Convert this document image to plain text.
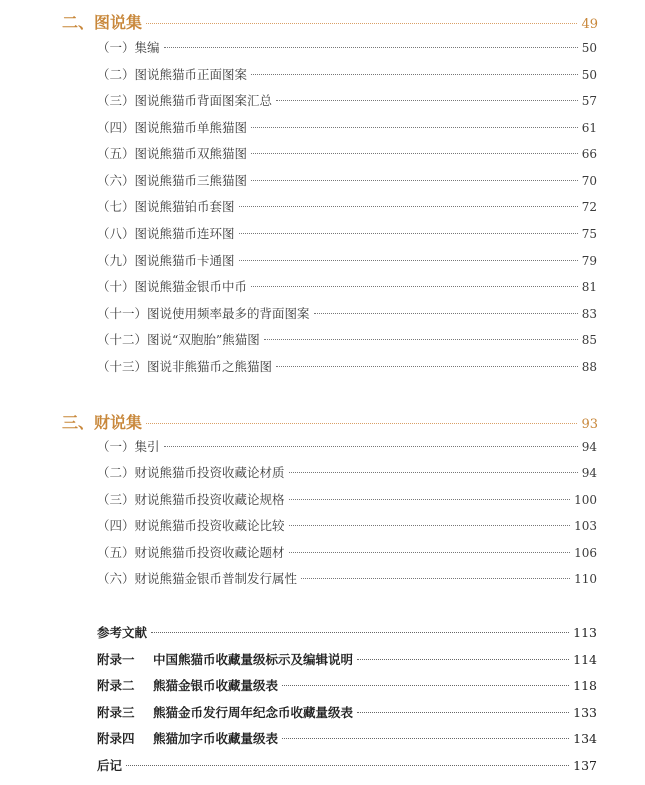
二、图说集	49
（一）集编	50
（二）图说熊猫币正面图案	50
（三）图说熊猫币背面图案汇总	57
（四）图说熊猫币单熊猫图	61
（五）图说熊猫币双熊猫图	66
（六）图说熊猫币三熊猫图	70
（七）图说熊猫铂币套图	72
（八）图说熊猫币连环图	75
（九）图说熊猫币卡通图	79
（十）图说熊猫金银币中币	81
（十一）图说使用频率最多的背面图案	83
（十二）图说“双胞胎”熊猫图	85
（十三）图说非熊猫币之熊猫图	88
三、财说集	93
（一）集引	94
（二）财说熊猫币投资收藏论材质	94
（三）财说熊猫币投资收藏论规格	100
（四）财说熊猫币投资收藏论比较	103
（五）财说熊猫币投资收藏论题材	106
（六）财说熊猫金银币普制发行属性	110
参考文献	113
附录一 中国熊猫币收藏量级标示及编辑说明	114
附录二 熊猫金银币收藏量级表	118
附录三 熊猫金币发行周年纪念币收藏量级表	133
附录四 熊猫加字币收藏量级表	134
后记	137
